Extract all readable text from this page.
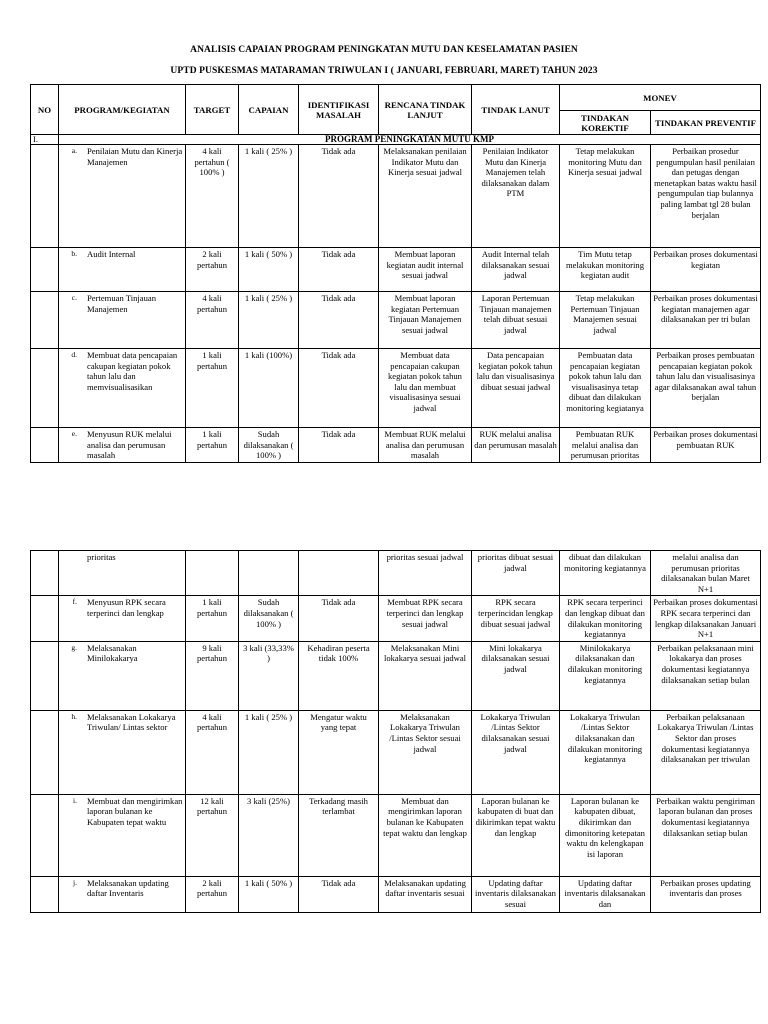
ANALISIS CAPAIAN PROGRAM PENINGKATAN MUTU DAN KESELAMATAN PASIEN
UPTD PUSKESMAS MATARAMAN TRIWULAN I ( JANUARI, FEBRUARI, MARET) TAHUN 2023
NO	PROGRAM/KEGIATAN	TARGET	CAPAIAN	IDENTIFIKASI MASALAH	RENCANA TINDAK LANJUT	TINDAK LANUT	MONEV	
							TINDAKAN KOREKTIF	TINDAKAN PREVENTIF
I.	PROGRAM PENINGKATAN MUTU KMP							

	a. Penilaian Mutu dan Kinerja Manajemen	4 kali pertahun ( 100% )	1 kali ( 25% )	Tidak ada	Melaksanakan penilaian Indikator Mutu dan Kinerja sesuai jadwal	Penilaian Indikator Mutu dan Kinerja Manajemen telah dilaksanakan dalam PTM	Tetap melakukan monitoring Mutu dan Kinerja sesuai jadwal	Perbaikan prosedur pengumpulan hasil penilaian dan petugas dengan menetapkan batas waktu hasil pengumpulan tiap bulannya paling lambat tgl 28 bulan berjalan

	b. Audit Internal	2 kali pertahun	1 kali ( 50% )	Tidak ada	Membuat laporan kegiatan audit internal sesuai jadwal	Audit Internal telah dilaksanakan sesuai jadwal	Tim Mutu tetap melakukan monitoring kegiatan audit	Perbaikan proses dokumentasi kegiatan

	c. Pertemuan Tinjauan Manajemen	4 kali pertahun	1 kali ( 25% )	Tidak ada	Membuat laporan kegiatan Pertemuan Tinjauan Manajemen sesuai jadwal	Laporan Pertemuan Tinjauan manajemen telah dibuat sesuai jadwal	Tetap melakukan Pertemuan Tinjauan Manajemen sesuai jadwal	Perbaikan proses dokumentasi kegiatan manajemen agar dilaksanakan per tri bulan

	d. Membuat data pencapaian cakupan kegiatan pokok tahun lalu dan memvisualisasikan	1 kali pertahun	1 kali (100%)	Tidak ada	Membuat data pencapaian cakupan kegiatan pokok tahun lalu dan membuat visualisasinya sesuai jadwal	Data pencapaian kegiatan pokok tahun lalu dan visualisasinya dibuat sesuai jadwal	Pembuatan data pencapaian kegiatan pokok tahun lalu dan visualisasinya tetap dibuat dan dilakukan monitoring kegiatanya	Perbaikan proses pembuatan pencapaian kegiatan pokok tahun lalu dan visualisasinya agar dilaksanakan awal tahun berjalan

	e. Menyusun RUK melalui analisa dan perumusan masalah	1 kali pertahun	Sudah dilaksanakan ( 100% )	Tidak ada	Membuat RUK melalui analisa dan perumusan masalah	RUK melalui analisa dan perumusan masalah	Pembuatan RUK melalui analisa dan perumusan prioritas	Perbaikan proses dokumentasi pembuatan RUK

	prioritas				prioritas sesuai jadwal	prioritas dibuat sesuai jadwal	dibuat dan dilakukan monitoring kegiatannya	melalui analisa dan perumusan prioritas dilaksanakan bulan Maret N+1

	f. Menyusun RPK secara terperinci dan lengkap	1 kali pertahun	Sudah dilaksanakan ( 100% )	Tidak ada	Membuat RPK secara terperinci dan lengkap sesuai jadwal	RPK secara terperincidan lengkap dibuat sesuai jadwal	RPK secara terperinci dan lengkap dibuat dan dilakukan monitoring kegiatannya	Perbaikan proses dokumentasi RPK secara terperinci dan lengkap dilaksanakan Januari N+1

	g. Melaksanakan Minilokakarya	9 kali pertahun	3 kali (33,33% )	Kehadiran peserta tidak 100%	Melaksanakan Mini lokakarya sesuai jadwal	Mini lokakarya dilaksanakan sesuai jadwal	Minilokakarya dilaksanakan dan dilakukan monitoring kegiatannya	Perbaikan pelaksanaan mini lokakarya dan proses dokumentasi kegiatannya dilaksanakan setiap bulan

	h. Melaksanakan Lokakarya Triwulan/ Lintas sektor	4 kali pertahun	1 kali ( 25% )	Mengatur waktu yang tepat	Melaksanakan Lokakarya Triwulan /Lintas Sektor sesuai jadwal	Lokakarya Triwulan /Lintas Sektor dilaksanakan sesuai jadwal	Lokakarya Triwulan /Lintas Sektor dilaksanakan dan dilakukan monitoring kegiatannya	Perbaikan pelaksanaan Lokakarya Triwulan /Lintas Sektor dan proses dokumentasi kegiatannya dilaksanakan per triwulan

	i. Membuat dan mengirimkan laporan bulanan ke Kabupaten tepat waktu	12 kali pertahun	3 kali (25%)	Terkadang masih terlambat	Membuat dan mengirimkan laporan bulanan ke Kabupaten tepat waktu dan lengkap	Laporan bulanan ke kabupaten di buat dan dikirimkan tepat waktu dan lengkap	Laporan bulanan ke kabupaten dibuat, dikirimkan dan dimonitoring ketepatan waktu dn kelengkapan isi laporan	Perbaikan waktu pengiriman laporan bulanan dan proses dokumentasi kegiatannya dilaksankan setiap bulan

	j. Melaksanakan updating daftar Inventaris	2 kali pertahun	1 kali ( 50% )	Tidak ada	Melaksanakan updating daftar inventaris sesuai	Updating daftar inventaris dilaksanakan sesuai	Updating daftar inventaris dilaksanakan dan	Perbaikan proses updating inventaris dan proses
